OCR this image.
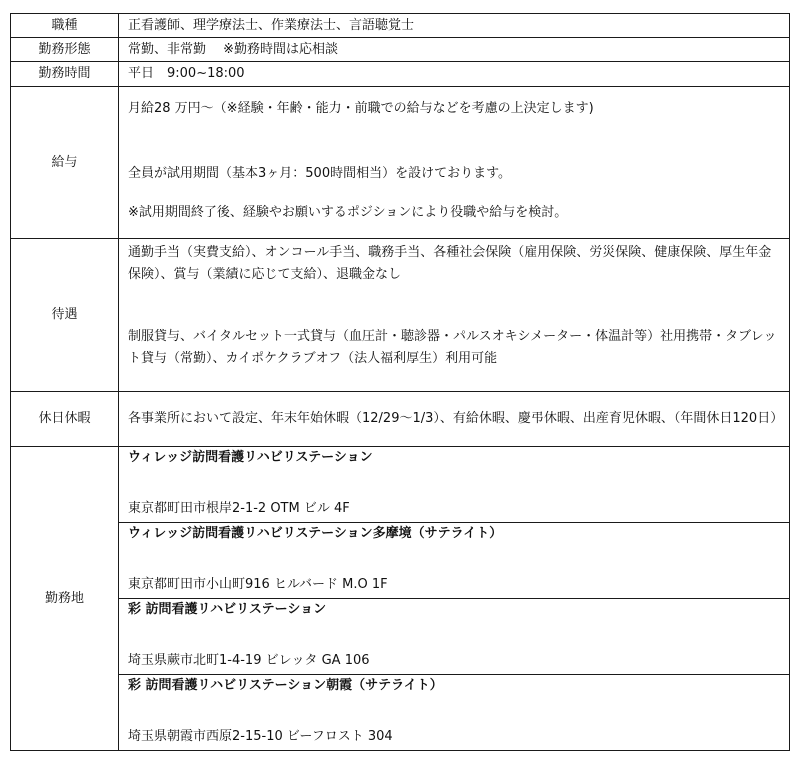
職種	正看護師、理学療法士、作業療法士、言語聴覚士
勤務形態	常勤、非常勤　 ※勤務時間は応相談
勤務時間	平日　9:00~18:00
給与	月給28 万円〜（※経験・年齢・能力・前職での給与などを考慮の上決定します)
全員が試用期間（基本3ヶ月：500時間相当）を設けております。
※試用期間終了後、経験やお願いするポジションにより役職や給与を検討。

待遇	通勤手当（実費支給）、オンコール手当、職務手当、各種社会保険（雇用保険、労災保険、健康保険、厚生年金保険）、賞与（業績に応じて支給）、退職金なし
制服貸与、バイタルセット一式貸与（血圧計・聴診器・パルスオキシメーター・体温計等）社用携帯・タブレット貸与（常勤）、カイポケクラブオフ（法人福利厚生）利用可能

休日休暇	各事業所において設定、年末年始休暇（12/29〜1/3）、有給休暇、慶弔休暇、出産育児休暇、（年間休日120日）
勤務地	ウィレッジ訪問看護リハビリステーション
東京都町田市根岸2-1-2 OTM ビル 4F

	ウィレッジ訪問看護リハビリステーション多摩境（サテライト）
東京都町田市小山町916 ヒルバード M.O 1F

	彩 訪問看護リハビリステーション
埼玉県蕨市北町1-4-19 ビレッタ GA 106

	彩 訪問看護リハビリステーション朝霞（サテライト）
埼玉県朝霞市西原2-15-10 ビーフロスト 304
